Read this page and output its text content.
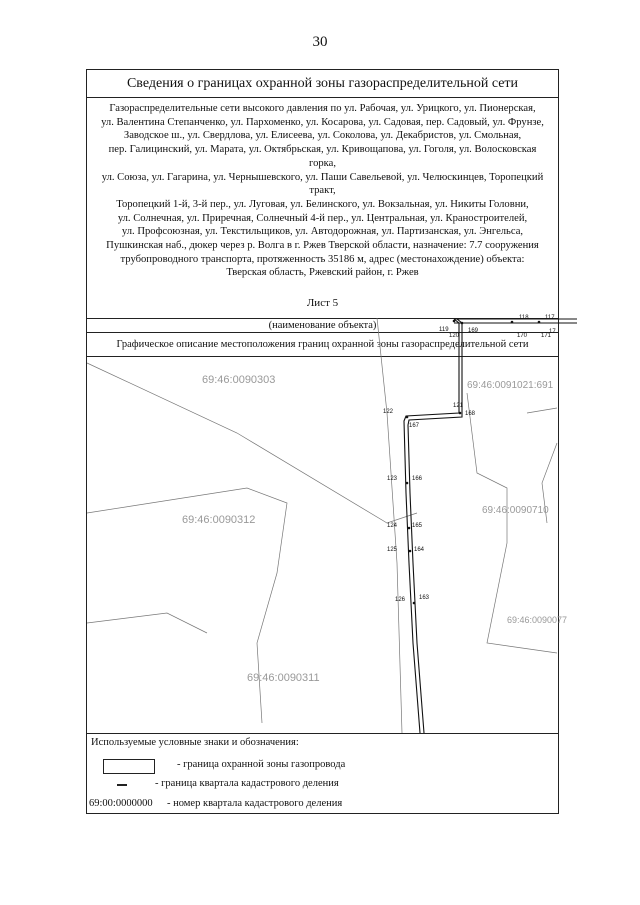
30
Сведения о границах охранной зоны газораспределительной сети
Газораспределительные сети высокого давления по ул. Рабочая, ул. Урицкого, ул. Пионерская,
ул. Валентина Степанченко, ул. Пархоменко, ул. Косарова, ул. Садовая, пер. Садовый, ул. Фрунзе,
Заводское ш., ул. Свердлова, ул. Елисеева, ул. Соколова, ул. Декабристов, ул. Смольная,
пер. Галицинский, ул. Марата, ул. Октябрьская, ул. Кривощапова, ул. Гоголя, ул. Волосковская горка,
ул. Союза, ул. Гагарина, ул. Чернышевского, ул. Паши Савельевой, ул. Челюскинцев, Торопецкий тракт,
Торопецкий 1-й, 3-й пер., ул. Луговая, ул. Белинского, ул. Вокзальная, ул. Никиты Головни,
ул. Солнечная, ул. Приречная, Солнечный 4-й пер., ул. Центральная, ул. Краностроителей,
ул. Профсоюзная, ул. Текстильщиков, ул. Автодорожная, ул. Партизанская, ул. Энгельса,
Пушкинская наб., дюкер через р. Волга в г. Ржев Тверской области, назначение: 7.7 сооружения
трубопроводного транспорта, протяженность 35186 м, адрес (местонахождение) объекта:
Тверская область, Ржевский район, г. Ржев
(наименование объекта)
Графическое описание местоположения границ охранной зоны газораспределительной сети
Лист 5
119
120
169
170 171
17
118	117
122
167
121
168
123 166
124 165
125	164
126 163
69:46:0090303
69:46:0090312
69:46:0090311
69:46:0091021:691
69:46:0090710
69:46:0090077
Используемые условные знаки и обозначения:
- граница охранной зоны газопровода
- граница квартала кадастрового деления
69:00:0000000 - номер квартала кадастрового деления
